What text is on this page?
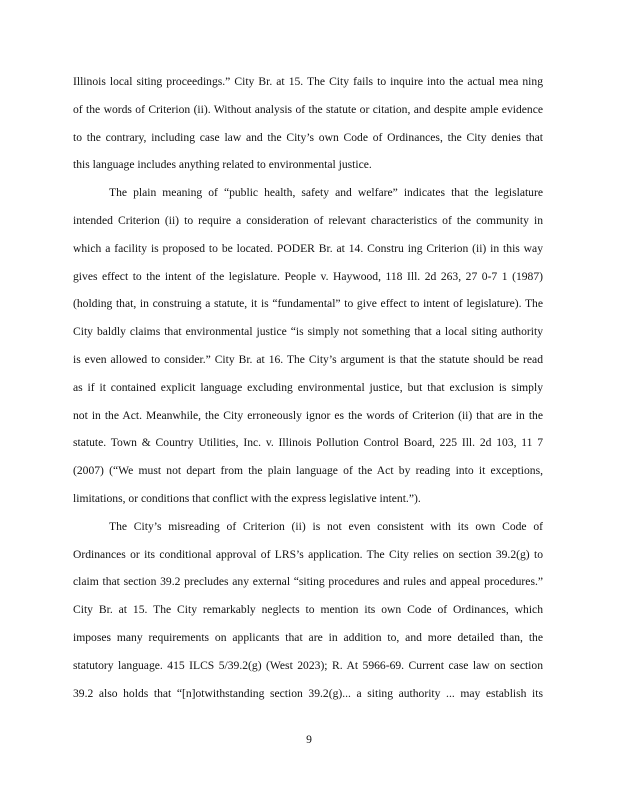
Illinois local siting proceedings.” City Br. at 15. The City fails to inquire into the actual mea ning
of the words of Criterion (ii). Without analysis of the statute or citation, and despite ample evidence
to the contrary, including case law and the City’s own Code of Ordinances, the City denies that
this language includes anything related to environmental justice.
The plain meaning of “public health, safety and welfare” indicates that the legislature
intended Criterion (ii) to require a consideration of relevant characteristics of the community in
which a facility is proposed to be located. PODER Br. at 14. Constru ing Criterion (ii) in this way
gives effect to the intent of the legislature. People v. Haywood, 118 Ill. 2d 263, 27 0-7 1 (1987)
(holding that, in construing a statute, it is “fundamental” to give effect to intent of legislature). The
City baldly claims that environmental justice “is simply not something that a local siting authority
is even allowed to consider.” City Br. at 16. The City’s argument is that the statute should be read
as if it contained explicit language excluding environmental justice, but that exclusion is simply
not in the Act. Meanwhile, the City erroneously ignor es the words of Criterion (ii) that are in the
statute. Town & Country Utilities, Inc. v. Illinois Pollution Control Board, 225 Ill. 2d 103, 11 7
(2007) (“We must not depart from the plain language of the Act by reading into it exceptions,
limitations, or conditions that conflict with the express legislative intent.”).
The City’s misreading of Criterion (ii) is not even consistent with its own Code of
Ordinances or its conditional approval of LRS’s application. The City relies on section 39.2(g) to
claim that section 39.2 precludes any external “siting procedures and rules and appeal procedures.”
City Br. at 15. The City remarkably neglects to mention its own Code of Ordinances, which
imposes many requirements on applicants that are in addition to, and more detailed than, the
statutory language. 415 ILCS 5/39.2(g) (West 2023); R. At 5966-69. Current case law on section
39.2 also holds that “[n]otwithstanding section 39.2(g)... a siting authority ... may establish its
9
